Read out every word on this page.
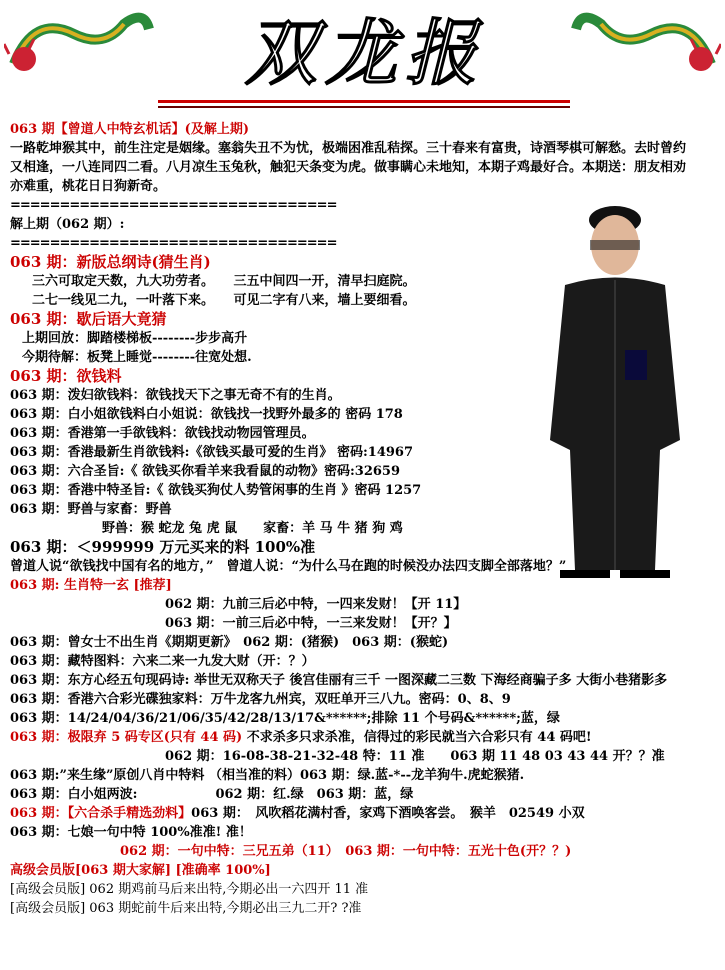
双龙报

063 期【曾道人中特玄机话】(及解上期)

一路乾坤猴其中，前生注定是姻缘。塞翁失丑不为忧，极端困准乱秸探。三十春来有富贵，诗酒琴棋可解愁。去时曾约又相逢，一八连同四二看。八月凉生玉兔秋，触犯天条变为虎。做事瞒心未地知，本期子鸡最好合。本期送：朋友相劝亦难重，桃花日日狗新奇。

=================================

解上期（062 期）:

=================================

063 期：新版总纲诗(猜生肖)

三六可取定天数，九大功劳者。　　三五中间四一开，清早扫庭院。

二七一线见二九，一叶落下来。　　可见二字有八来，墙上要细看。

063 期：歇后语大竟猜

上期回放：脚踏楼梯板--------步步高升

今期待解：板凳上睡觉--------往宽处想.

063 期：欲钱料

063 期：泼妇欲钱料：欲钱找天下之事无奇不有的生肖。

063 期：白小姐欲钱料白小姐说：欲钱找一找野外最多的 密码 178

063 期：香港第一手欲钱料：欲钱找动物园管理员。

063 期：香港最新生肖欲钱料:《欲钱买最可爱的生肖》 密码:14967

063 期：六合圣旨:《 欲钱买你看羊来我看鼠的动物》密码:32659

063 期：香港中特圣旨:《 欲钱买狗仗人势管闲事的生肖 》密码 1257

063 期：野兽与家畜：野兽

野兽：猴 蛇龙 兔 虎 鼠　　家畜：羊 马 牛 猪 狗 鸡

063 期：＜999999 万元买来的料 100%准

曾道人说“欲钱找中国有名的地方，”　曾道人说：“为什么马在跑的时候没办法四支脚全部落地？”

063 期: 生肖特一玄 [推荐]

062 期：九前三后必中特，一四来发财！【开 11】

063 期：一前三后必中特，一三来发财！【开？】

063 期：曾女士不出生肖《期期更新》　062 期：(猪猴)　063 期：(猴蛇)

063 期：藏特图料：六来二来一九发大财（开：？）

063 期：东方心经五句现码诗: 举世无双称天子 後宫佳丽有三千 一图深藏二三数 下海经商骗子多 大街小巷猪影多

063 期：香港六合彩光碟独家料：万牛龙客九州宾，双旺单开三八九。密码：0、8、9

063 期：14/24/04/36/21/06/35/42/28/13/17&******;排除 11 个号码&******;蓝，绿

063 期：极限弃 5 码专区(只有 44 码) 不求杀多只求杀准，信得过的彩民就当六合彩只有 44 码吧!

062 期：16-08-38-21-32-48 特：11 准　　063 期 11 48 03 43 44 开？？准

063 期:”来生缘”原创八肖中特料 （相当准的料）063 期：绿.蓝-*--龙羊狗牛.虎蛇猴猪.

063 期：白小姐两波:　　　　　　062 期：红.绿　063 期：蓝，绿

063 期：【六合杀手精选劲料】063 期：　风吹稻花满村香，家鸡下酒唤客尝。　猴羊　02549 小双

063 期：七娘一句中特 100%准准! 准！

062 期：一句中特：三兄五弟（11）　063 期：一句中特：五光十色(开？？)

高级会员版[063 期大家解] [准确率 100%]

[高级会员版] 062 期鸡前马后来出特,今期必出一六四开 11 准

[高级会员版] 063 期蛇前牛后来出特,今期必出三九二开? ?准
